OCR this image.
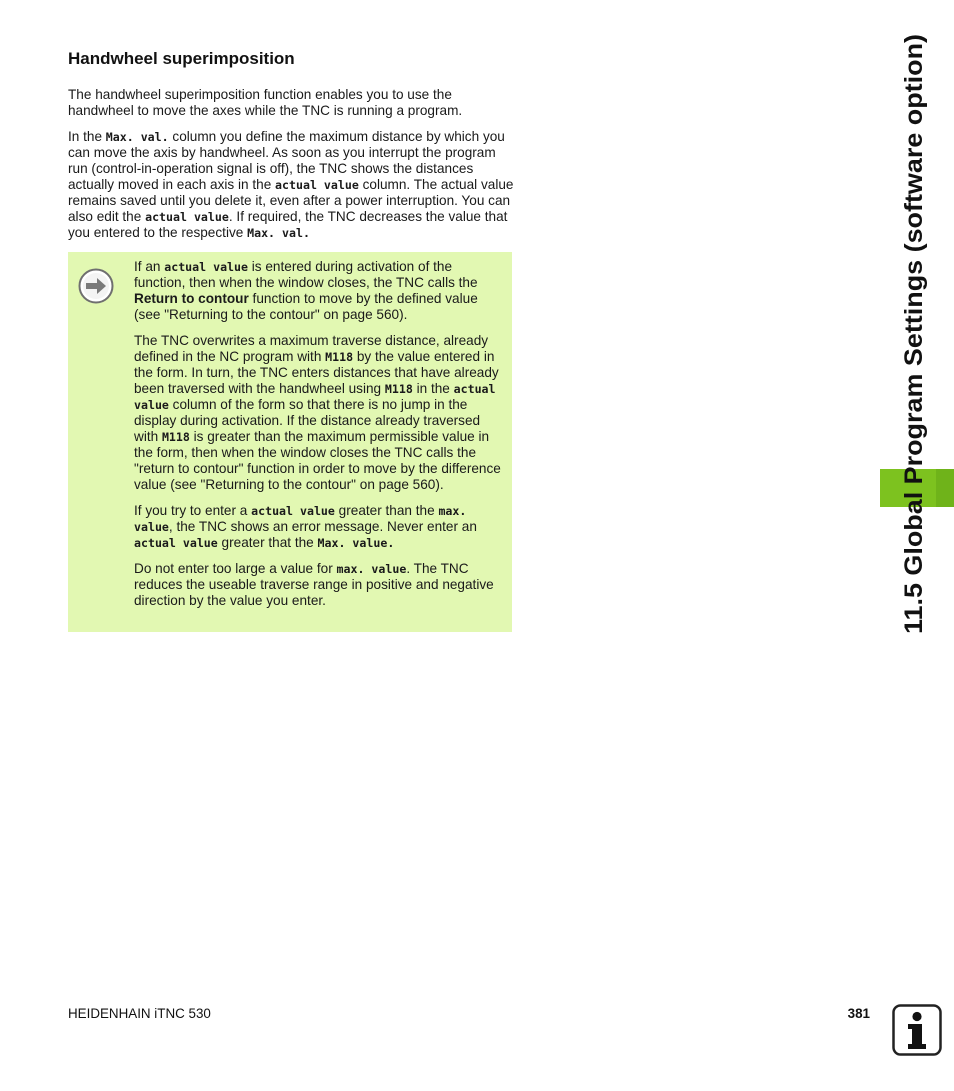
Handwheel superimposition

The handwheel superimposition function enables you to use the handwheel to move the axes while the TNC is running a program.

In the Max. val. column you define the maximum distance by which you can move the axis by handwheel. As soon as you interrupt the program run (control-in-operation signal is off), the TNC shows the distances actually moved in each axis in the actual value column. The actual value remains saved until you delete it, even after a power interruption. You can also edit the actual value. If required, the TNC decreases the value that you entered to the respective Max. val.

If an actual value is entered during activation of the function, then when the window closes, the TNC calls the Return to contour function to move by the defined value (see "Returning to the contour" on page 560).

The TNC overwrites a maximum traverse distance, already defined in the NC program with M118 by the value entered in the form. In turn, the TNC enters distances that have already been traversed with the handwheel using M118 in the actual value column of the form so that there is no jump in the display during activation. If the distance already traversed with M118 is greater than the maximum permissible value in the form, then when the window closes the TNC calls the "return to contour" function in order to move by the difference value (see "Returning to the contour" on page 560).

If you try to enter a actual value greater than the max. value, the TNC shows an error message. Never enter an actual value greater that the Max. value.

Do not enter too large a value for max. value. The TNC reduces the useable traverse range in positive and negative direction by the value you enter.	11.5 Global Program Settings (software option)
HEIDENHAIN iTNC 530	381
